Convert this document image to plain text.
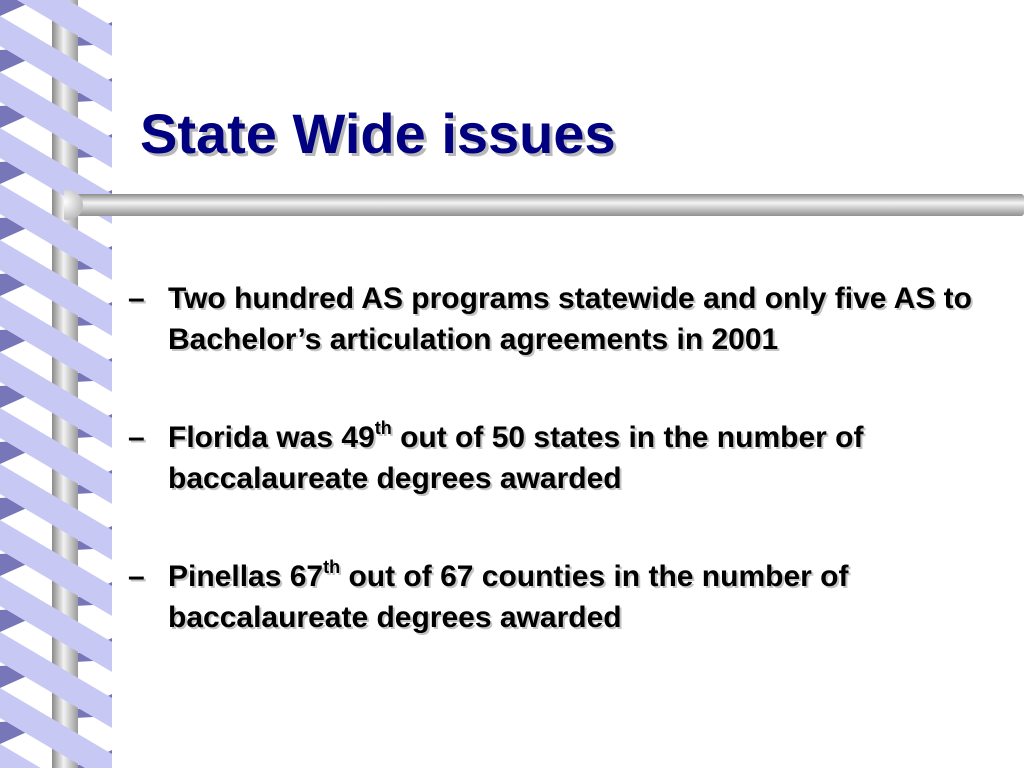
State Wide issues
– Two hundred AS programs statewide and only five AS to Bachelor’s articulation agreements in 2001
– Florida was 49th out of 50 states in the number of baccalaureate degrees awarded
– Pinellas 67th out of 67 counties in the number of baccalaureate degrees awarded
